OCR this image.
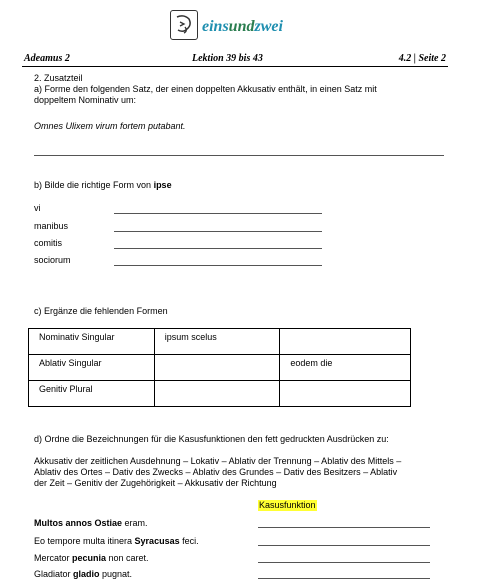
einsundzwei
Adeamus 2	Lektion 39 bis 43	4.2 | Seite 2
2. Zusatzteil
a) Forme den folgenden Satz, der einen doppelten Akkusativ enthält, in einen Satz mit
doppeltem Nominativ um:
Omnes Ulixem virum fortem putabant.
b) Bilde die richtige Form von ipse
vi
manibus
comitis
sociorum
c) Ergänze die fehlenden Formen
Nominativ Singular	ipsum scelus	
Ablativ Singular		eodem die
Genitiv Plural		
d) Ordne die Bezeichnungen für die Kasusfunktionen den fett gedruckten Ausdrücken zu:
Akkusativ der zeitlichen Ausdehnung – Lokativ – Ablativ der Trennung – Ablativ des Mittels –
Ablativ des Ortes – Dativ des Zwecks – Ablativ des Grundes – Dativ des Besitzers – Ablativ
der Zeit – Genitiv der Zugehörigkeit – Akkusativ der Richtung
Kasusfunktion
Multos annos Ostiae eram.
Eo tempore multa itinera Syracusas feci.
Mercator pecunia non caret.
Gladiator gladio pugnat.
